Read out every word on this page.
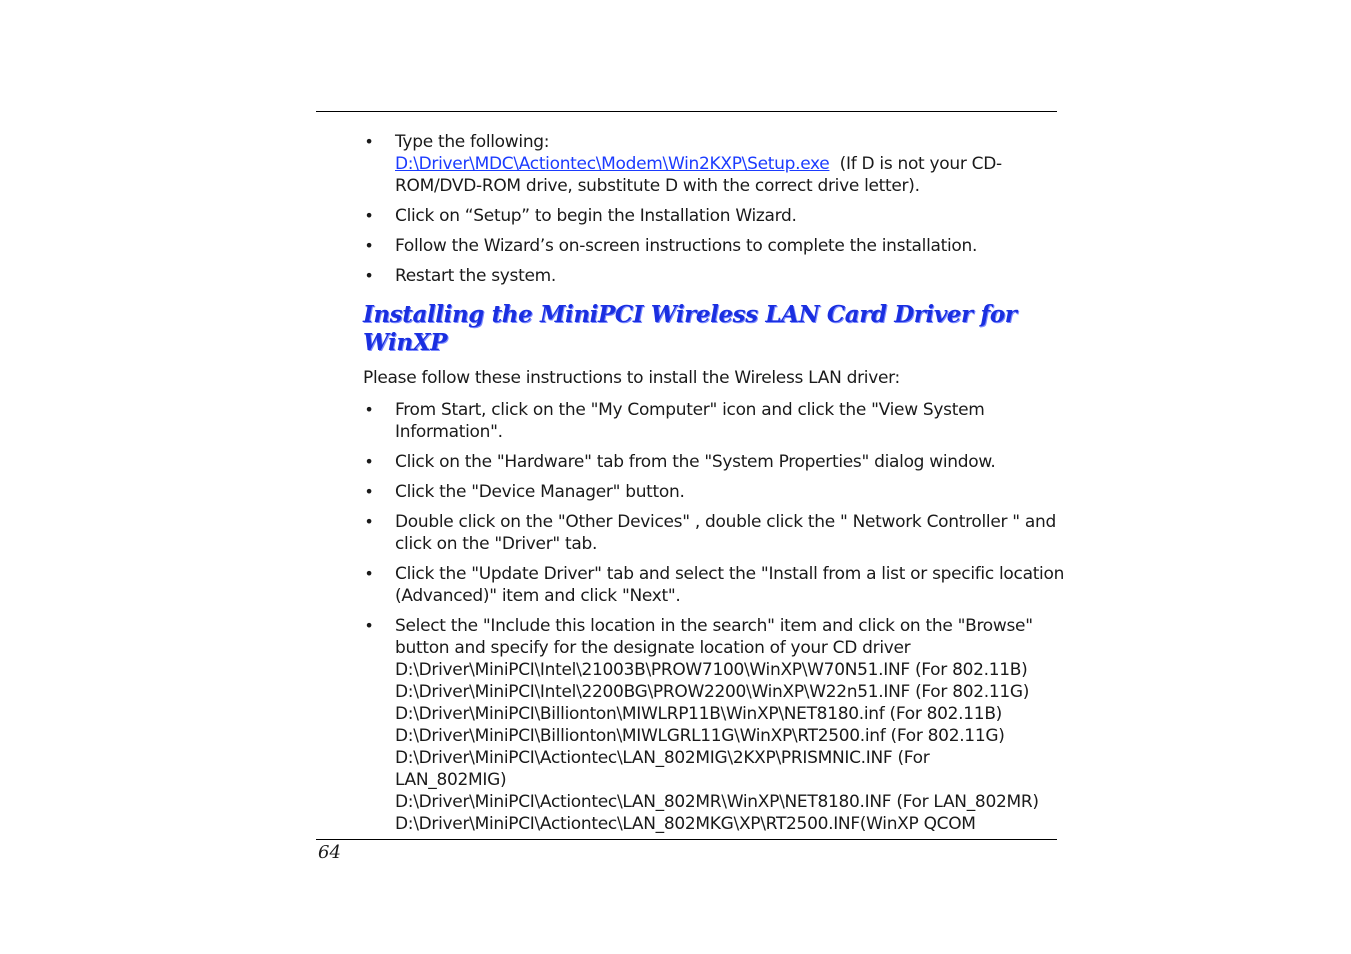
• Type the following:
D:\Driver\MDC\Actiontec\Modem\Win2KXP\Setup.exe  (If D is not your CD-ROM/DVD-ROM drive, substitute D with the correct drive letter).
• Click on “Setup” to begin the Installation Wizard.
• Follow the Wizard’s on-screen instructions to complete the installation.
• Restart the system.
Installing the MiniPCI Wireless LAN Card Driver for WinXP

Please follow these instructions to install the Wireless LAN driver:

• From Start, click on the "My Computer" icon and click the "View System Information".
• Click on the "Hardware" tab from the "System Properties" dialog window.
• Click the "Device Manager" button.
• Double click on the "Other Devices" , double click the " Network Controller " and click on the "Driver" tab.
• Click the "Update Driver" tab and select the "Install from a list or specific location (Advanced)" item and click "Next".
• Select the "Include this location in the search" item and click on the "Browse" button and specify for the designate location of your CD driver
D:\Driver\MiniPCI\Intel\21003B\PROW7100\WinXP\W70N51.INF (For 802.11B)
D:\Driver\MiniPCI\Intel\2200BG\PROW2200\WinXP\W22n51.INF (For 802.11G)
D:\Driver\MiniPCI\Billionton\MIWLRP11B\WinXP\NET8180.inf (For 802.11B)
D:\Driver\MiniPCI\Billionton\MIWLGRL11G\WinXP\RT2500.inf (For 802.11G)
D:\Driver\MiniPCI\Actiontec\LAN_802MIG\2KXP\PRISMNIC.INF (For
LAN_802MIG)
D:\Driver\MiniPCI\Actiontec\LAN_802MR\WinXP\NET8180.INF (For LAN_802MR)
D:\Driver\MiniPCI\Actiontec\LAN_802MKG\XP\RT2500.INF(WinXP QCOM
64
